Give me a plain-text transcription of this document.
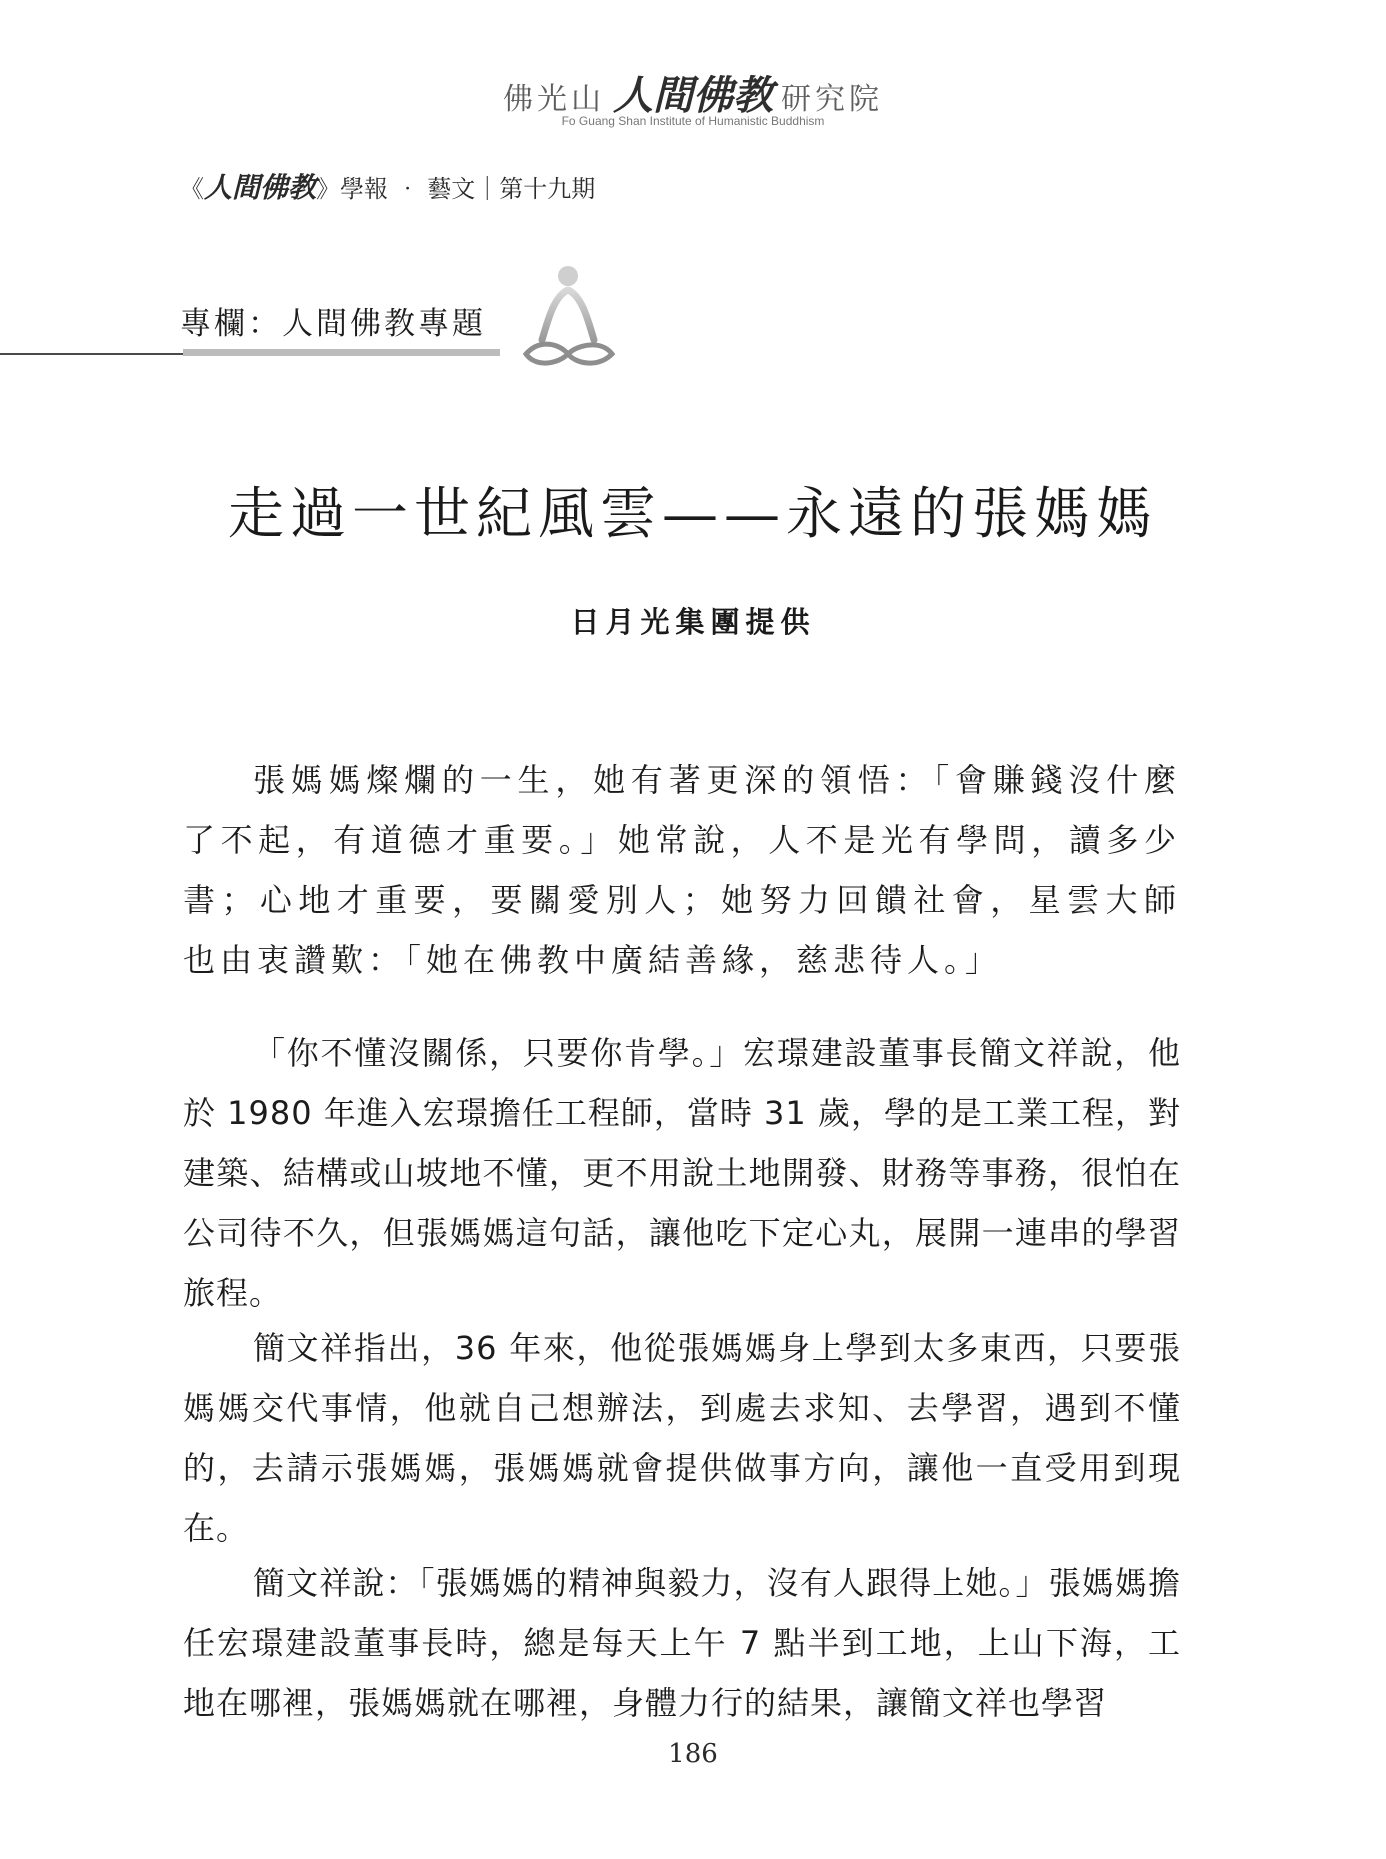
佛光山 人間佛教 研究院
Fo Guang Shan Institute of Humanistic Buddhism
《人間佛教》學報 ‧ 藝文｜第十九期
專欄：人間佛教專題
走過一世紀風雲——永遠的張媽媽
日月光集團提供

張媽媽燦爛的一生，她有著更深的領悟：「會賺錢沒什麼了不起，有道德才重要。」她常說，人不是光有學問，讀多少書；心地才重要，要關愛別人；她努力回饋社會，星雲大師也由衷讚歎：「她在佛教中廣結善緣，慈悲待人。」

「你不懂沒關係，只要你肯學。」宏璟建設董事長簡文祥說，他於 1980 年進入宏璟擔任工程師，當時 31 歲，學的是工業工程，對建築、結構或山坡地不懂，更不用說土地開發、財務等事務，很怕在公司待不久，但張媽媽這句話，讓他吃下定心丸，展開一連串的學習旅程。

簡文祥指出，36 年來，他從張媽媽身上學到太多東西，只要張媽媽交代事情，他就自己想辦法，到處去求知、去學習，遇到不懂的，去請示張媽媽，張媽媽就會提供做事方向，讓他一直受用到現在。

簡文祥說：「張媽媽的精神與毅力，沒有人跟得上她。」張媽媽擔任宏璟建設董事長時，總是每天上午 7 點半到工地，上山下海，工地在哪裡，張媽媽就在哪裡，身體力行的結果，讓簡文祥也學習

186
